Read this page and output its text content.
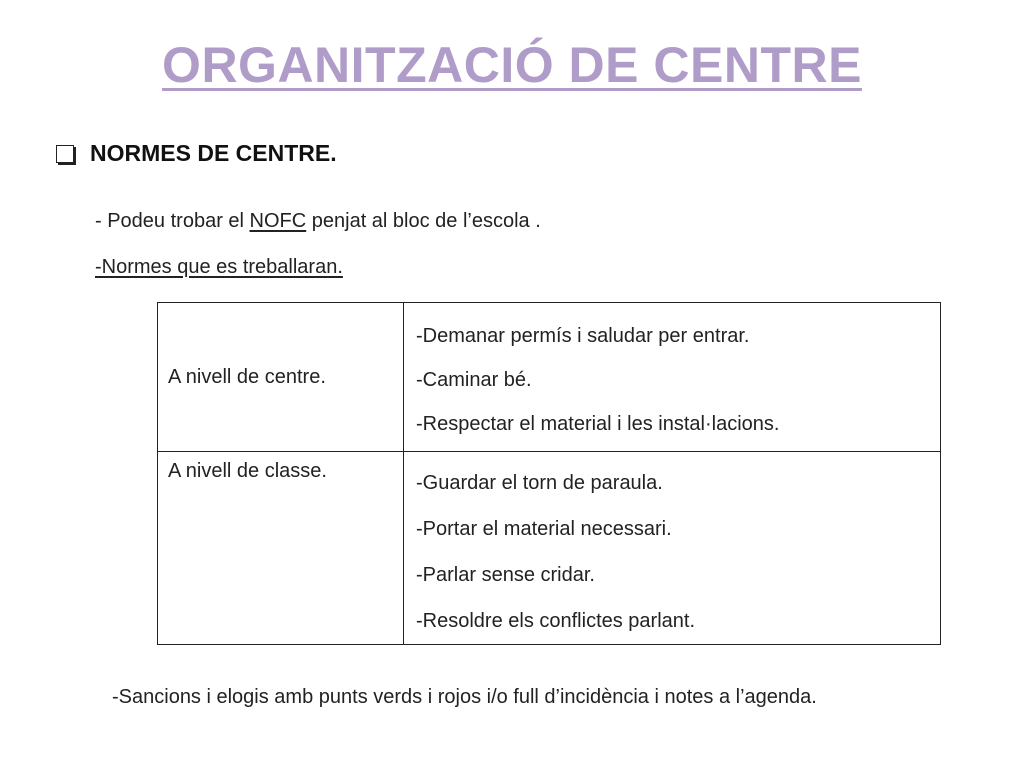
ORGANITZACIÓ DE CENTRE
NORMES DE CENTRE.
- Podeu trobar el NOFC penjat al bloc de l’escola .
-Normes que es treballaran.
A nivell de centre.	-Demanar permís i saludar per entrar.
-Caminar bé.
-Respectar el material i les instal·lacions.

A nivell de classe.	-Guardar el torn de paraula.
-Portar el material necessari.
-Parlar sense cridar.
-Resoldre els conflictes parlant.
-Sancions i elogis amb punts verds i rojos i/o full d’incidència i notes a l’agenda.
